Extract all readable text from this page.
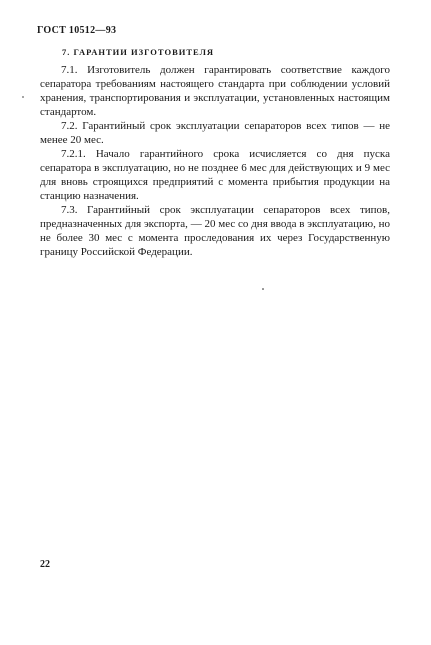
ГОСТ 10512—93
7. ГАРАНТИИ ИЗГОТОВИТЕЛЯ

7.1. Изготовитель должен гарантировать соответствие каждого сепаратора требованиям настоящего стандарта при соблюдении условий хранения, транспортирования и эксплуатации, установленных настоящим стандартом.

7.2. Гарантийный срок эксплуатации сепараторов всех типов — не менее 20 мес.

7.2.1. Начало гарантийного срока исчисляется со дня пуска сепаратора в эксплуатацию, но не позднее 6 мес для действующих и 9 мес для вновь строящихся предприятий с момента прибытия продукции на станцию назначения.

7.3. Гарантийный срок эксплуатации сепараторов всех типов, предназначенных для экспорта, — 20 мес со дня ввода в эксплуатацию, но не более 30 мес с момента проследования их через Государственную границу Российской Федерации.

22
